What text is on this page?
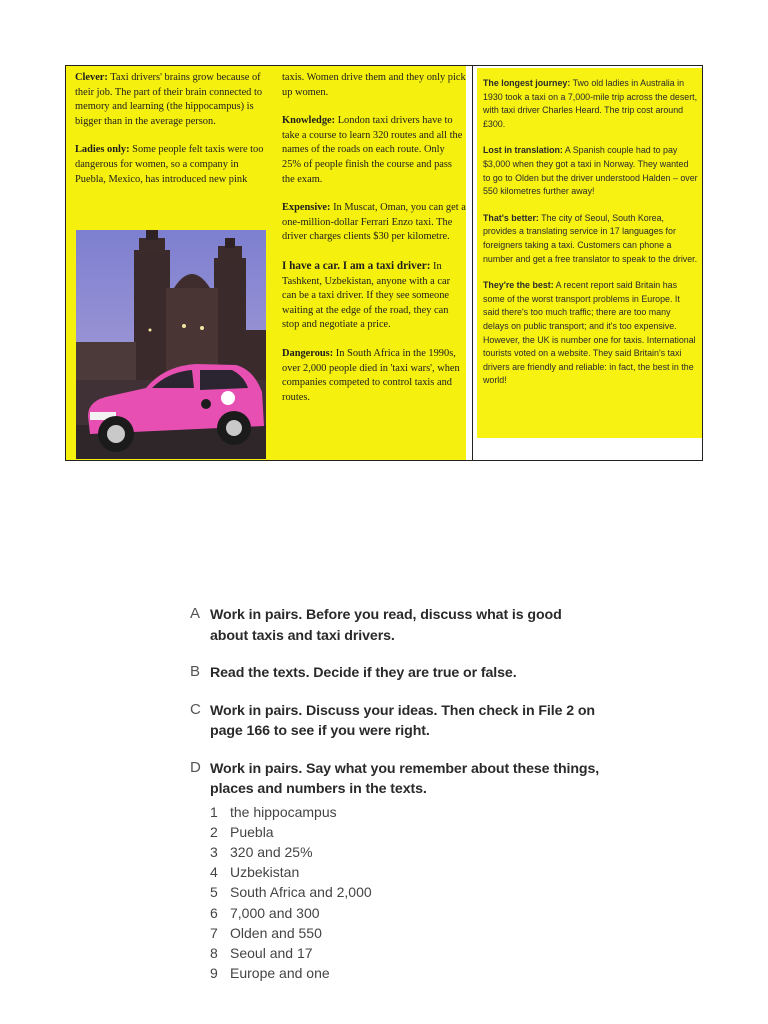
Clever: Taxi drivers' brains grow because of their job. The part of their brain connected to memory and learning (the hippocampus) is bigger than in the average person.

Ladies only: Some people felt taxis were too dangerous for women, so a company in Puebla, Mexico, has introduced new pink

taxis. Women drive them and they only pick up women.

Knowledge: London taxi drivers have to take a course to learn 320 routes and all the names of the roads on each route. Only 25% of people finish the course and pass the exam.

Expensive: In Muscat, Oman, you can get a one-million-dollar Ferrari Enzo taxi. The driver charges clients $30 per kilometre.

I have a car. I am a taxi driver: In Tashkent, Uzbekistan, anyone with a car can be a taxi driver. If they see someone waiting at the edge of the road, they can stop and negotiate a price.

Dangerous: In South Africa in the 1990s, over 2,000 people died in 'taxi wars', when companies competed to control taxis and routes.

The longest journey: Two old ladies in Australia in 1930 took a taxi on a 7,000-mile trip across the desert, with taxi driver Charles Heard. The trip cost around £300.

Lost in translation: A Spanish couple had to pay $3,000 when they got a taxi in Norway. They wanted to go to Olden but the driver understood Halden – over 550 kilometres further away!

That's better: The city of Seoul, South Korea, provides a translating service in 17 languages for foreigners taking a taxi. Customers can phone a number and get a free translator to speak to the driver.

They're the best: A recent report said Britain has some of the worst transport problems in Europe. It said there's too much traffic; there are too many delays on public transport; and it's too expensive. However, the UK is number one for taxis. International tourists voted on a website. They said Britain's taxi drivers are friendly and reliable: in fact, the best in the world!

A Work in pairs. Before you read, discuss what is good about taxis and taxi drivers.
B Read the texts. Decide if they are true or false.
C Work in pairs. Discuss your ideas. Then check in File 2 on page 166 to see if you were right.
D Work in pairs. Say what you remember about these things, places and numbers in the texts.
1 the hippocampus
2 Puebla
3 320 and 25%
4 Uzbekistan
5 South Africa and 2,000
6 7,000 and 300
7 Olden and 550
8 Seoul and 17
9 Europe and one
